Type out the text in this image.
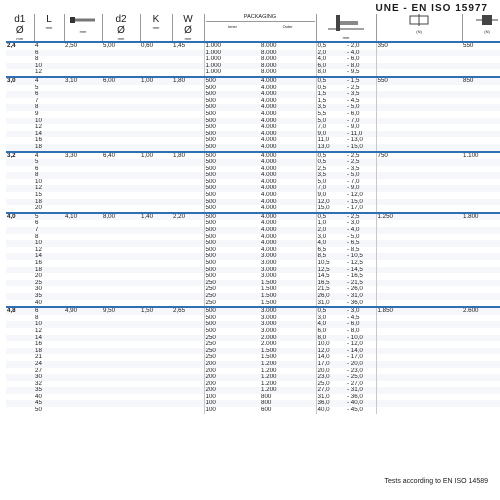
UNE - EN ISO 15977
d1
Ø
mm	L
mm	mm	d2
Ø
mm	K
mm	W
Ø
mm	PACKAGING
Inner Outer		mm		(N)	(N)

2,4	4	2,50	5,00	0,60	1,45	1.000	8.000	0,5	- 2,0	350	550	
	6					1.000	8.000	2,0	- 4,0			
	8					1.000	8.000	4,0	- 6,0			
	10					1.000	8.000	6,0	- 8,0			
	12					1.000	8.000	8,0	- 9,5			
3,0	4	3,10	6,00	1,00	1,80	500	4.000	0,5	- 1,5	550	850	
	5					500	4.000	0,5	- 2,5			
	6					500	4.000	1,5	- 3,5			
	7					500	4.000	1,5	- 4,5			
	8					500	4.000	3,5	- 5,0			
	9					500	4.000	5,5	- 6,0			
	10					500	4.000	5,0	- 7,0			
	12					500	4.000	7,0	- 9,0			
	14					500	4.000	9,0	- 11,0			
	16					500	4.000	11,0	- 13,0			
	18					500	4.000	13,0	- 15,0			
3,2	4	3,30	6,40	1,00	1,80	500	4.000	0,5	- 2,5	750	1.100	
	5					500	4.000	0,5	- 2,5			
	6					500	4.000	2,5	- 3,5			
	8					500	4.000	3,5	- 5,0			
	10					500	4.000	5,0	- 7,0			
	12					500	4.000	7,0	- 9,0			
	15					500	4.000	9,0	- 12,0			
	18					500	4.000	12,0	- 15,0			
	20					500	4.000	15,0	- 17,0			
4,0	5	4,10	8,00	1,40	2,20	500	4.000	0,5	- 2,5	1.250	1.800	
	6					500	4.000	1,0	- 3,0			
	7					500	4.000	2,0	- 4,0			
	8					500	4.000	3,0	- 5,0			
	10					500	4.000	4,0	- 6,5			
	12					500	4.000	6,5	- 8,5			
	14					500	3.000	8,5	- 10,5			
	16					500	3.000	10,5	- 12,5			
	18					500	3.000	12,5	- 14,5			
	20					500	3.000	14,5	- 16,5			
	25					250	1.500	16,5	- 21,5			
	30					250	1.500	21,5	- 26,0			
	35					250	1.500	26,0	- 31,0			
	40					250	1.500	31,0	- 36,0			
4,8	6	4,90	9,50	1,50	2,65	500	3.000	0,5	- 3,0	1.850	2.600	
	8					500	3.000	3,0	- 4,5			
	10					500	3.000	4,0	- 6,0			
	12					500	3.000	6,0	- 8,0			
	14					250	2.000	8,0	- 10,0			
	16					250	2.000	10,0	- 12,0			
	18					250	1.500	12,0	- 14,0			
	21					250	1.500	14,0	- 17,0			
	24					200	1.200	17,0	- 20,0			
	27					200	1.200	20,0	- 23,0			
	30					200	1.200	23,0	- 25,0			
	32					200	1.200	25,0	- 27,0			
	35					200	1.200	27,0	- 31,0			
	40					100	800	31,0	- 36,0			
	45					100	800	36,0	- 40,0			
	50					100	600	40,0	- 45,0			
Tests according to EN ISO 14589
